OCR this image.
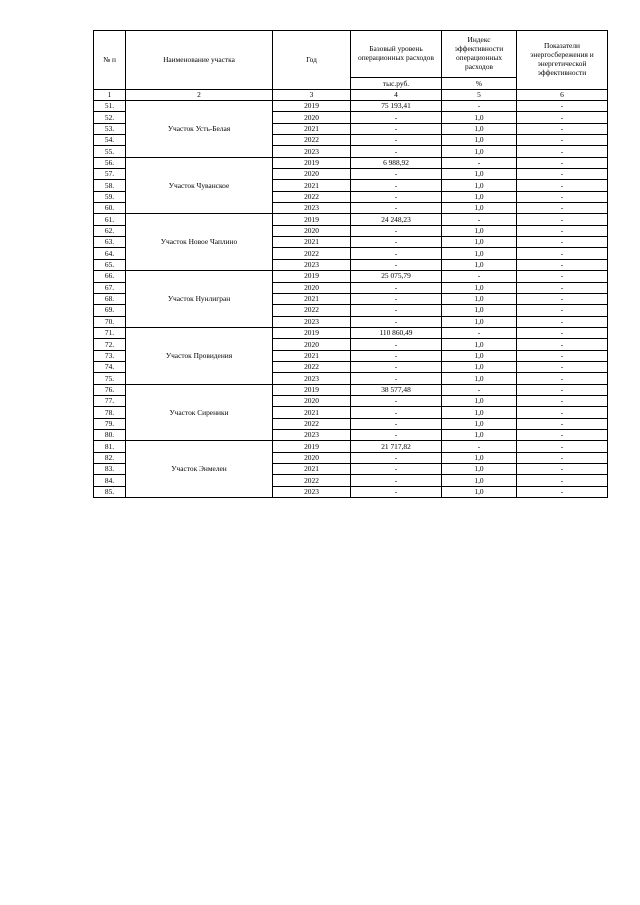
№ п	Наименование участка	Год	Базовый уровень операционных расходов	Индекс эффективности операционных расходов	Показатели энергосбережения и энергетической эффективности
			тыс.руб.	%	
1	2	3	4	5	6
51.	Участок Усть-Белая	2019	75 193,41	-	-
52.		2020	-	1,0	-
53.		2021	-	1,0	-
54.		2022	-	1,0	-
55.		2023	-	1,0	-
56.	Участок Чуванское	2019	6 988,92	-	-
57.		2020	-	1,0	-
58.		2021	-	1,0	-
59.		2022	-	1,0	-
60.		2023	-	1,0	-
61.	Участок Новое Чаплино	2019	24 248,23	-	-
62.		2020	-	1,0	-
63.		2021	-	1,0	-
64.		2022	-	1,0	-
65.		2023	-	1,0	-
66.	Участок Нунлигран	2019	25 075,79	-	-
67.		2020	-	1,0	-
68.		2021	-	1,0	-
69.		2022	-	1,0	-
70.		2023	-	1,0	-
71.	Участок Провидения	2019	110 860,49	-	-
72.		2020	-	1,0	-
73.		2021	-	1,0	-
74.		2022	-	1,0	-
75.		2023	-	1,0	-
76.	Участок Сиреники	2019	38 577,48	-	-
77.		2020	-	1,0	-
78.		2021	-	1,0	-
79.		2022	-	1,0	-
80.		2023	-	1,0	-
81.	Участок Энмелен	2019	21 717,82	-	-
82.		2020	-	1,0	-
83.		2021	-	1,0	-
84.		2022	-	1,0	-
85.		2023	-	1,0	-
